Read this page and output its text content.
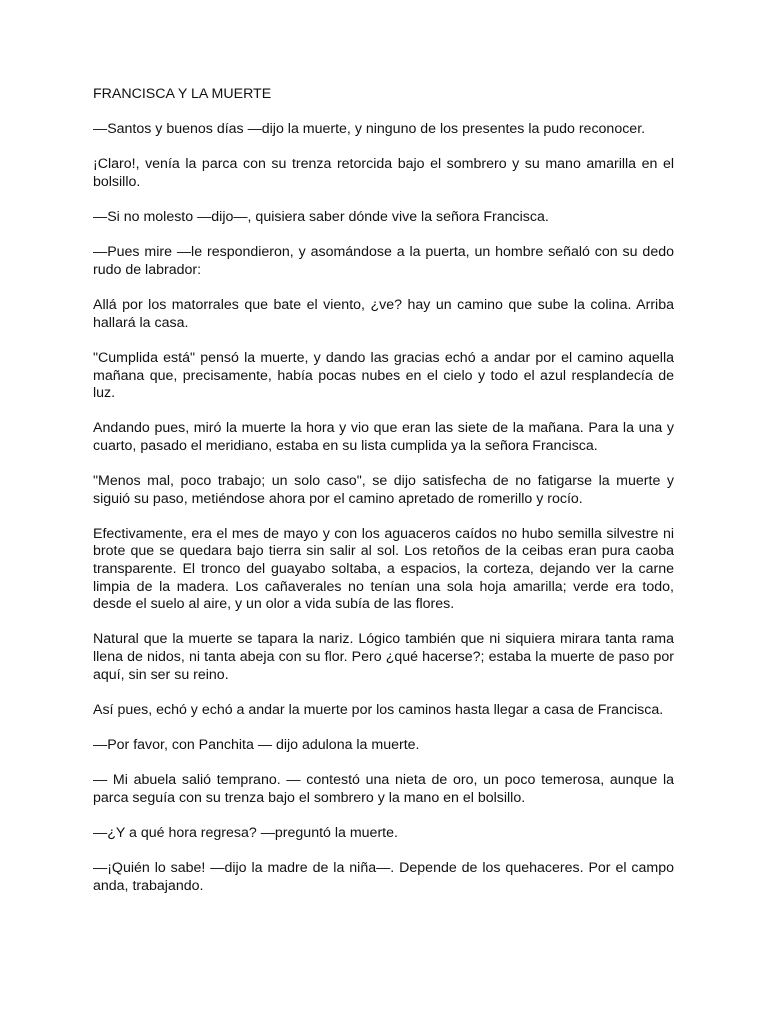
FRANCISCA Y LA MUERTE

—Santos y buenos días —dijo la muerte, y ninguno de los presentes la pudo reconocer.

¡Claro!, venía la parca con su trenza retorcida bajo el sombrero y su mano amarilla en el bolsillo.

—Si no molesto —dijo—, quisiera saber dónde vive la señora Francisca.

—Pues mire —le respondieron, y asomándose a la puerta, un hombre señaló con su dedo rudo de labrador:

Allá por los matorrales que bate el viento, ¿ve? hay un camino que sube la colina. Arriba hallará la casa.

"Cumplida está" pensó la muerte, y dando las gracias echó a andar por el camino aquella mañana que, precisamente, había pocas nubes en el cielo y todo el azul resplandecía de luz.

Andando pues, miró la muerte la hora y vio que eran las siete de la mañana. Para la una y cuarto, pasado el meridiano, estaba en su lista cumplida ya la señora Francisca.

"Menos mal, poco trabajo; un solo caso", se dijo satisfecha de no fatigarse la muerte y siguió su paso, metiéndose ahora por el camino apretado de romerillo y rocío.

Efectivamente, era el mes de mayo y con los aguaceros caídos no hubo semilla silvestre ni brote que se quedara bajo tierra sin salir al sol. Los retoños de la ceibas eran pura caoba transparente. El tronco del guayabo soltaba, a espacios, la corteza, dejando ver la carne limpia de la madera. Los cañaverales no tenían una sola hoja amarilla; verde era todo, desde el suelo al aire, y un olor a vida subía de las flores.

Natural que la muerte se tapara la nariz. Lógico también que ni siquiera mirara tanta rama llena de nidos, ni tanta abeja con su flor. Pero ¿qué hacerse?; estaba la muerte de paso por aquí, sin ser su reino.

Así pues, echó y echó a andar la muerte por los caminos hasta llegar a casa de Francisca.

—Por favor, con Panchita — dijo adulona la muerte.

— Mi abuela salió temprano. — contestó una nieta de oro, un poco temerosa, aunque la parca seguía con su trenza bajo el sombrero y la mano en el bolsillo.

—¿Y a qué hora regresa? —preguntó la muerte.

—¡Quién lo sabe! —dijo la madre de la niña—. Depende de los quehaceres. Por el campo anda, trabajando.
